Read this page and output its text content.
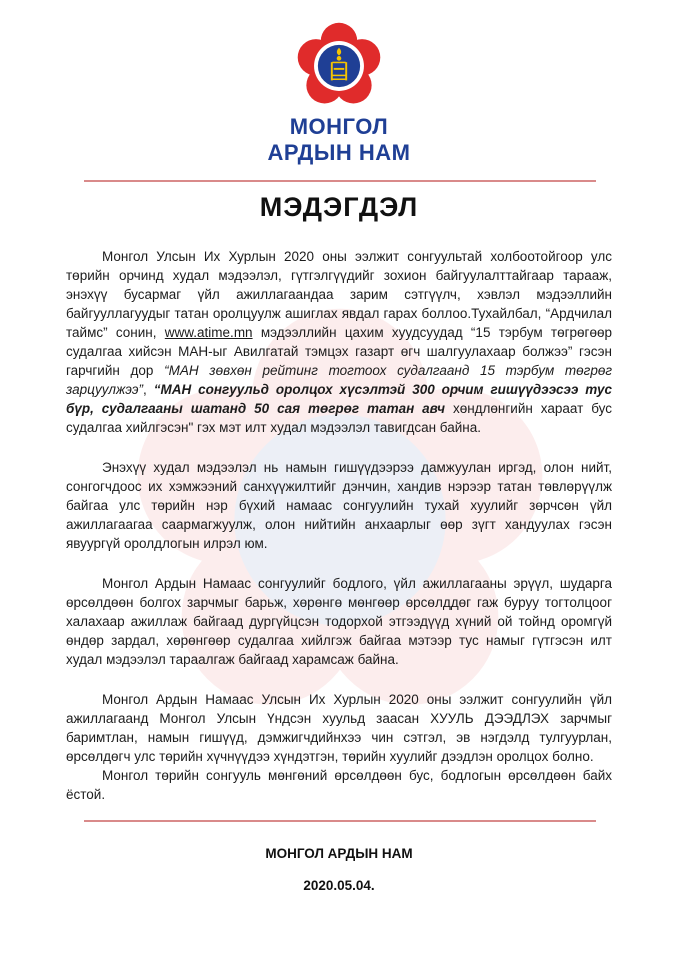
МОНГОЛ
АРДЫН НАМ
МЭДЭГДЭЛ

Монгол Улсын Их Хурлын 2020 оны ээлжит сонгуультай холбоотойгоор улс төрийн орчинд худал мэдээлэл, гүтгэлгүүдийг зохион байгуулалттайгаар тарааж, энэхүү бусармаг үйл ажиллагаандаа зарим сэтгүүлч, хэвлэл мэдээллийн байгууллагуудыг татан оролцуулж ашиглах явдал гарах боллоо.Тухайлбал, “Ардчилал таймс” сонин, www.atime.mn мэдээллийн цахим хуудсуудад “15 тэрбум төгрөгөөр судалгаа хийсэн МАН-ыг Авилгатай тэмцэх газарт өгч шалгуулахаар болжээ” гэсэн гарчгийн дор “МАН зөвхөн рейтинг тогтоох судалгаанд 15 тэрбум төгрөг зарцуулжээ”, “МАН сонгуульд оролцох хүсэлтэй 300 орчим гишүүдээсээ тус бүр, судалгааны шатанд 50 сая төгрөг татан авч хөндлөнгийн хараат бус судалгаа хийлгэсэн" гэх мэт илт худал мэдээлэл тавигдсан байна.

Энэхүү худал мэдээлэл нь намын гишүүдээрээ дамжуулан иргэд, олон нийт, сонгогчдоос их хэмжээний санхүүжилтийг дэнчин, хандив нэрээр татан төвлөрүүлж байгаа улс төрийн нэр бүхий намаас сонгуулийн тухай хуулийг зөрчсөн үйл ажиллагаагаа саармагжуулж, олон нийтийн анхаарлыг өөр зүгт хандуулах гэсэн явуургүй оролдлогын илрэл юм.

Монгол Ардын Намаас сонгуулийг бодлого, үйл ажиллагааны эрүүл, шударга өрсөлдөөн болгох зарчмыг барьж, хөрөнгө мөнгөөр өрсөлддөг гаж буруу тогтолцоог халахаар ажиллаж байгаад дургүйцсэн тодорхой этгээдүүд хүний ой тойнд оромгүй өндөр зардал, хөрөнгөөр судалгаа хийлгэж байгаа мэтээр тус намыг гүтгэсэн илт худал мэдээлэл тараалгаж байгаад харамсаж байна.

Монгол Ардын Намаас Улсын Их Хурлын 2020 оны ээлжит сонгуулийн үйл ажиллагаанд Монгол Улсын Үндсэн хуульд заасан ХУУЛЬ ДЭЭДЛЭХ зарчмыг баримтлан, намын гишүүд, дэмжигчдийнхээ чин сэтгэл, эв нэгдэлд тулгуурлан, өрсөлдөгч улс төрийн хүчнүүдээ хүндэтгэн, төрийн хуулийг дээдлэн оролцох болно.

Монгол төрийн сонгууль мөнгөний өрсөлдөөн бус, бодлогын өрсөлдөөн байх ёстой.

МОНГОЛ АРДЫН НАМ
2020.05.04.
